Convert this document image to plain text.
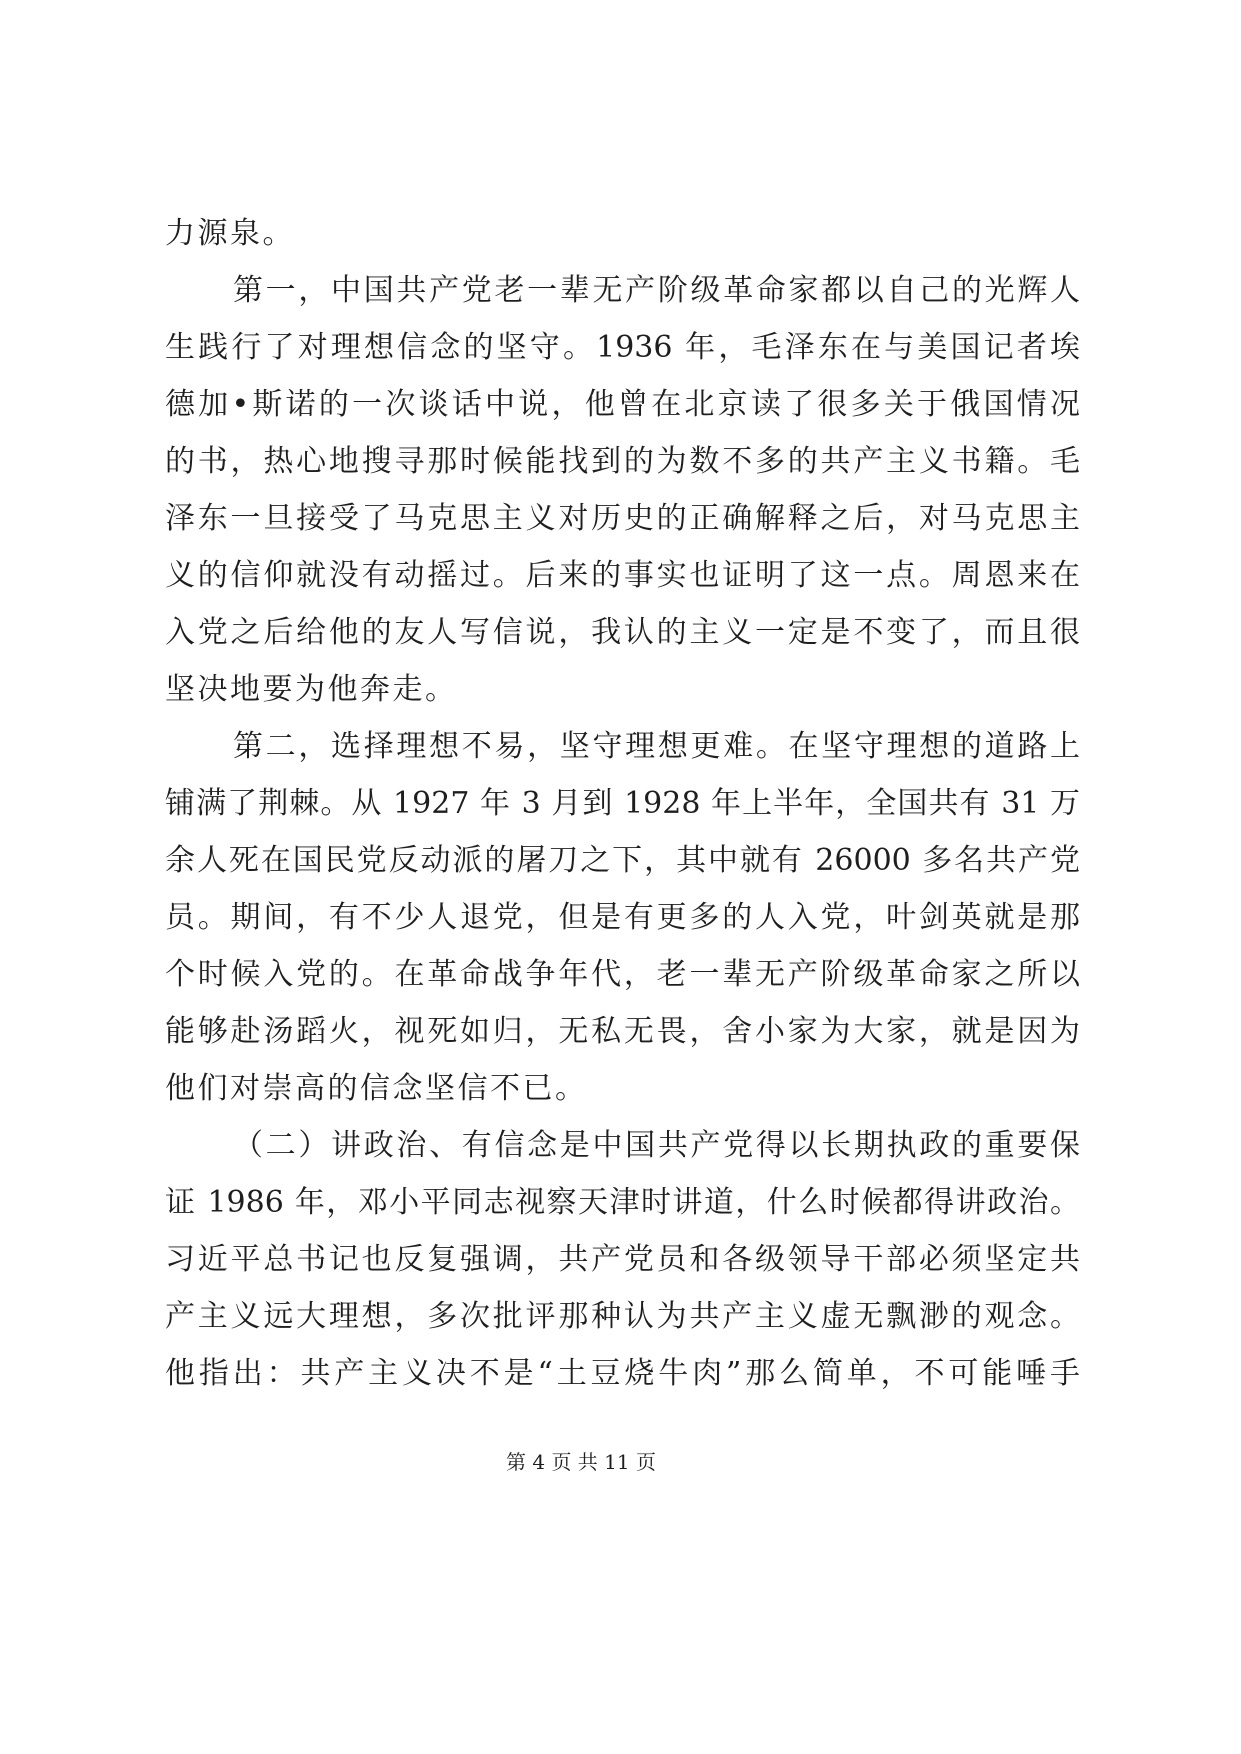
力源泉。
第一，中国共产党老一辈无产阶级革命家都以自己的光辉人
生践行了对理想信念的坚守。1936 年，毛泽东在与美国记者埃
德加•斯诺的一次谈话中说，他曾在北京读了很多关于俄国情况
的书，热心地搜寻那时候能找到的为数不多的共产主义书籍。毛
泽东一旦接受了马克思主义对历史的正确解释之后，对马克思主
义的信仰就没有动摇过。后来的事实也证明了这一点。周恩来在
入党之后给他的友人写信说，我认的主义一定是不变了，而且很
坚决地要为他奔走。
第二，选择理想不易，坚守理想更难。在坚守理想的道路上
铺满了荆棘。从 1927 年 3 月到 1928 年上半年，全国共有 31 万
余人死在国民党反动派的屠刀之下，其中就有 26000 多名共产党
员。期间，有不少人退党，但是有更多的人入党，叶剑英就是那
个时候入党的。在革命战争年代，老一辈无产阶级革命家之所以
能够赴汤蹈火，视死如归，无私无畏，舍小家为大家，就是因为
他们对崇高的信念坚信不已。
（二）讲政治、有信念是中国共产党得以长期执政的重要保
证 1986 年，邓小平同志视察天津时讲道，什么时候都得讲政治。
习近平总书记也反复强调，共产党员和各级领导干部必须坚定共
产主义远大理想，多次批评那种认为共产主义虚无飘渺的观念。
他指出：共产主义决不是“土豆烧牛肉”那么简单，不可能唾手
第 4 页 共 11 页
